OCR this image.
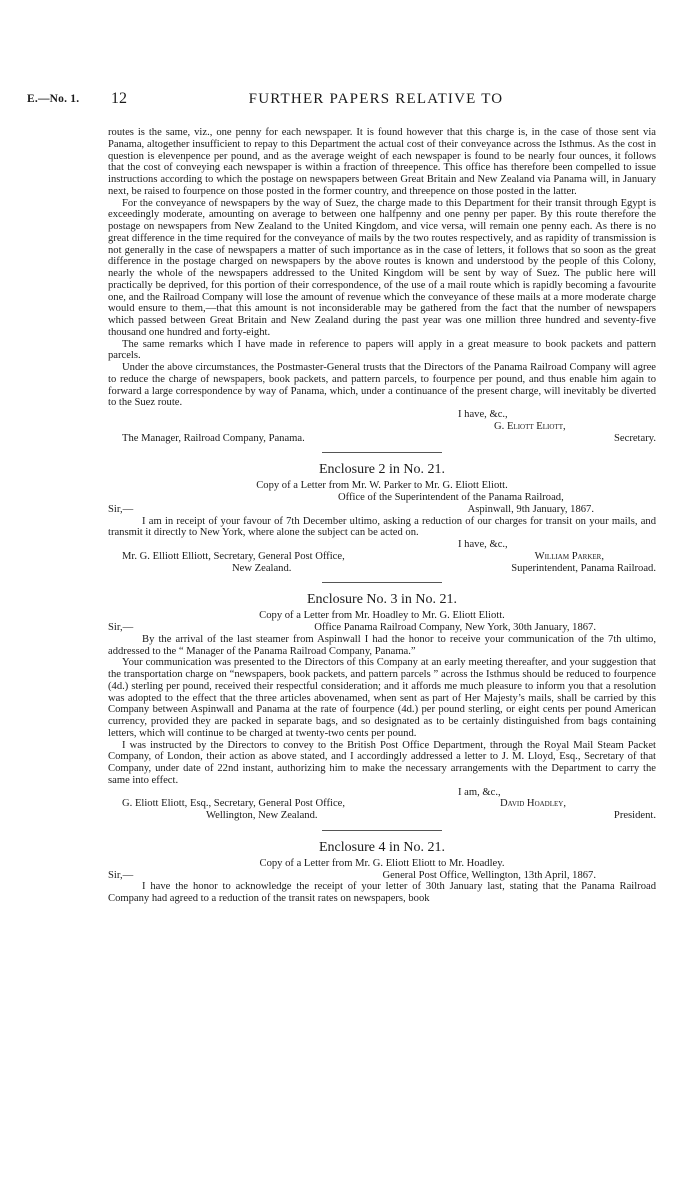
E.—No. 1. 12	FURTHER PAPERS RELATIVE TO

routes is the same, viz., one penny for each newspaper. It is found however that this charge is, in the case of those sent via Panama, altogether insufficient to repay to this Department the actual cost of their conveyance across the Isthmus. As the cost in question is elevenpence per pound, and as the average weight of each newspaper is found to be nearly four ounces, it follows that the cost of conveying each newspaper is within a fraction of threepence. This office has therefore been compelled to issue instructions according to which the postage on newspapers between Great Britain and New Zealand via Panama will, in January next, be raised to fourpence on those posted in the former country, and threepence on those posted in the latter.

For the conveyance of newspapers by the way of Suez, the charge made to this Department for their transit through Egypt is exceedingly moderate, amounting on average to between one halfpenny and one penny per paper. By this route therefore the postage on newspapers from New Zealand to the United Kingdom, and vice versa, will remain one penny each. As there is no great difference in the time required for the conveyance of mails by the two routes respectively, and as rapidity of transmission is not generally in the case of newspapers a matter of such importance as in the case of letters, it follows that so soon as the great difference in the postage charged on newspapers by the above routes is known and understood by the people of this Colony, nearly the whole of the newspapers addressed to the United Kingdom will be sent by way of Suez. The public here will practically be deprived, for this portion of their correspondence, of the use of a mail route which is rapidly becoming a favourite one, and the Railroad Company will lose the amount of revenue which the conveyance of these mails at a more moderate charge would ensure to them,—that this amount is not inconsiderable may be gathered from the fact that the number of newspapers which passed between Great Britain and New Zealand during the past year was one million three hundred and seventy-five thousand one hundred and forty-eight.

The same remarks which I have made in reference to papers will apply in a great measure to book packets and pattern parcels.

Under the above circumstances, the Postmaster-General trusts that the Directors of the Panama Railroad Company will agree to reduce the charge of newspapers, book packets, and pattern parcels, to fourpence per pound, and thus enable him again to forward a large correspondence by way of Panama, which, under a continuance of the present charge, will inevitably be diverted to the Suez route.

I have, &c.,
G. Eliott Eliott,
The Manager, Railroad Company, Panama.	Secretary.
Enclosure 2 in No. 21.
Copy of a Letter from Mr. W. Parker to Mr. G. Eliott Eliott.
Office of the Superintendent of the Panama Railroad,
Sir,—	Aspinwall, 9th January, 1867.

I am in receipt of your favour of 7th December ultimo, asking a reduction of our charges for transit on your mails, and transmit it directly to New York, where alone the subject can be acted on.

I have, &c.,
Mr. G. Elliott Elliott, Secretary, General Post Office,	William Parker,
New Zealand.	Superintendent, Panama Railroad.
Enclosure No. 3 in No. 21.
Copy of a Letter from Mr. Hoadley to Mr. G. Eliott Eliott.
Sir,—	Office Panama Railroad Company, New York, 30th January, 1867.

By the arrival of the last steamer from Aspinwall I had the honor to receive your communication of the 7th ultimo, addressed to the “ Manager of the Panama Railroad Company, Panama.”

Your communication was presented to the Directors of this Company at an early meeting thereafter, and your suggestion that the transportation charge on “newspapers, book packets, and pattern parcels ” across the Isthmus should be reduced to fourpence (4d.) sterling per pound, received their respectful consideration; and it affords me much pleasure to inform you that a resolution was adopted to the effect that the three articles abovenamed, when sent as part of Her Majesty’s mails, shall be carried by this Company between Aspinwall and Panama at the rate of fourpence (4d.) per pound sterling, or eight cents per pound American currency, provided they are packed in separate bags, and so designated as to be certainly distinguished from bags containing letters, which will continue to be charged at twenty-two cents per pound.

I was instructed by the Directors to convey to the British Post Office Department, through the Royal Mail Steam Packet Company, of London, their action as above stated, and I accordingly addressed a letter to J. M. Lloyd, Esq., Secretary of that Company, under date of 22nd instant, authorizing him to make the necessary arrangements with the Department to carry the same into effect.

I am, &c.,
G. Eliott Eliott, Esq., Secretary, General Post Office,	David Hoadley,
Wellington, New Zealand.	President.
Enclosure 4 in No. 21.
Copy of a Letter from Mr. G. Eliott Eliott to Mr. Hoadley.
Sir,—	General Post Office, Wellington, 13th April, 1867.

I have the honor to acknowledge the receipt of your letter of 30th January last, stating that the Panama Railroad Company had agreed to a reduction of the transit rates on newspapers, book
